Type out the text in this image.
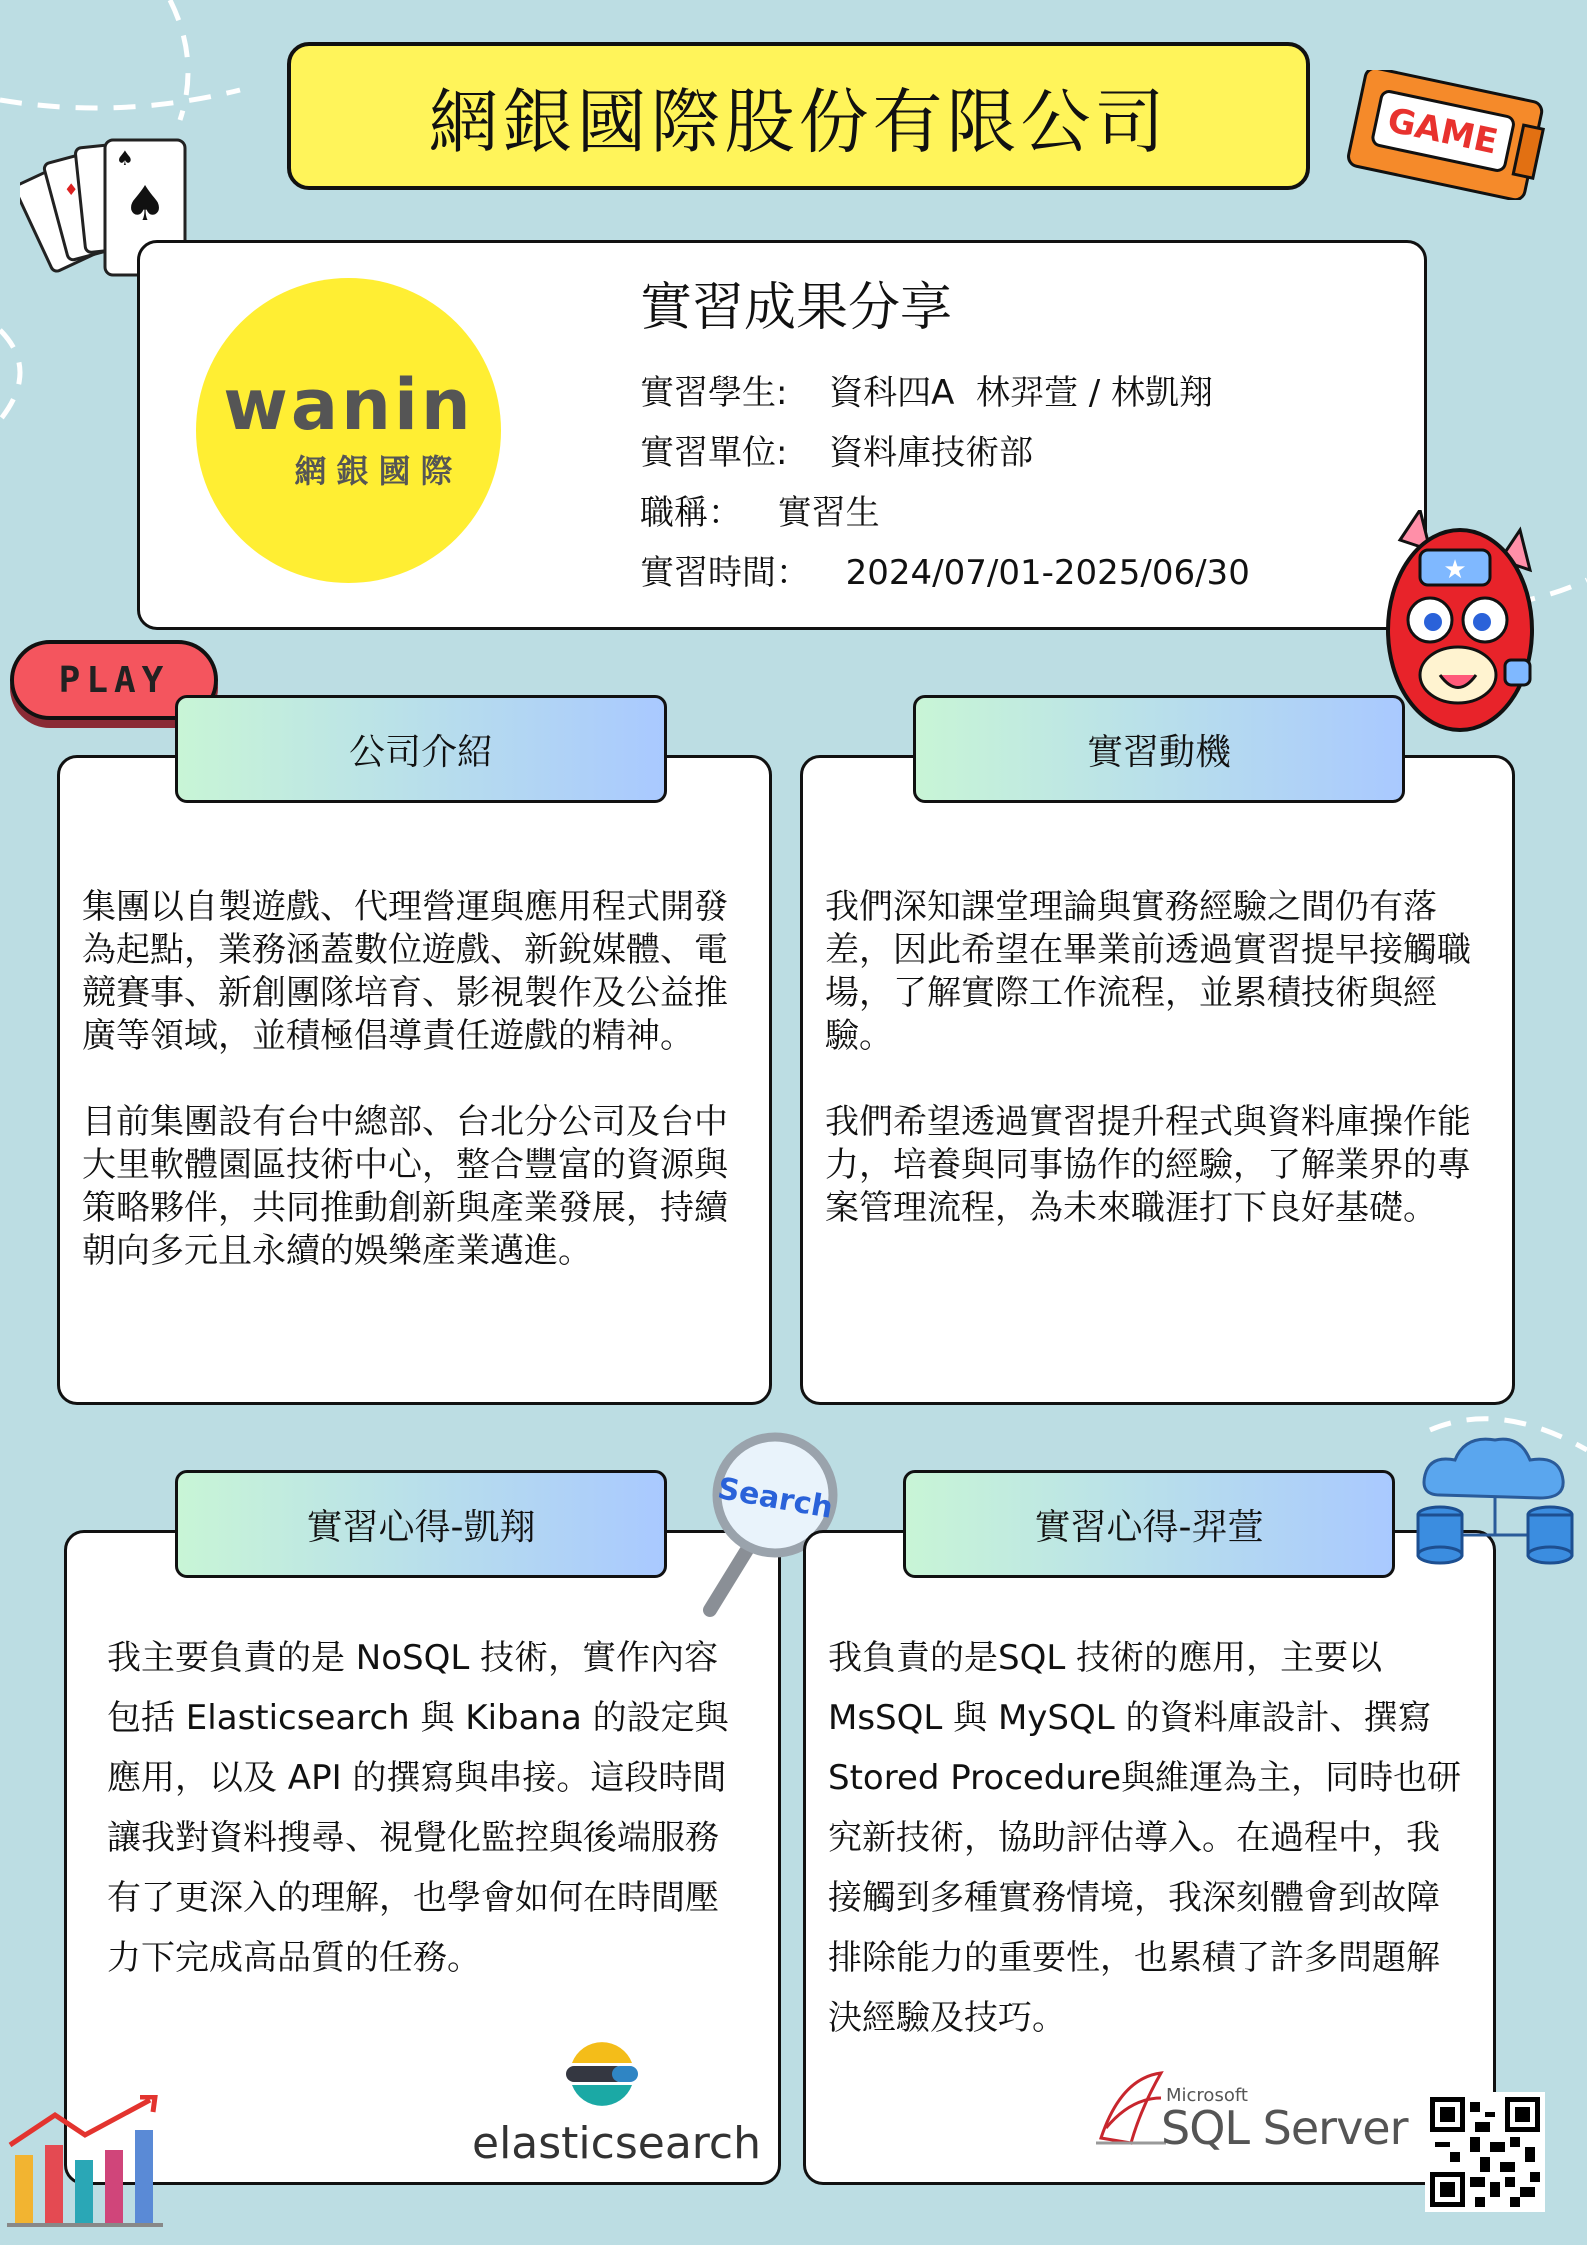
網銀國際股份有限公司
♠
♠
♦
GAME
wanin
網銀國際
實習成果分享
實習學生: 資科四A  林羿萱 / 林凱翔
實習單位: 資料庫技術部
職稱： 實習生
實習時間： 2024/07/01-2025/06/30	★
PLAY
集團以自製遊戲、代理營運與應用程式開發為起點，業務涵蓋數位遊戲、新銳媒體、電競賽事、新創團隊培育、影視製作及公益推廣等領域，並積極倡導責任遊戲的精神。
目前集團設有台中總部、台北分公司及台中大里軟體園區技術中心，整合豐富的資源與策略夥伴，共同推動創新與產業發展，持續朝向多元且永續的娛樂產業邁進。
公司介紹
我們深知課堂理論與實務經驗之間仍有落差，因此希望在畢業前透過實習提早接觸職場，了解實際工作流程，並累積技術與經驗。
我們希望透過實習提升程式與資料庫操作能力，培養與同事協作的經驗，了解業界的專案管理流程，為未來職涯打下良好基礎。
實習動機
我主要負責的是 NoSQL 技術，實作內容包括 Elasticsearch 與 Kibana 的設定與應用，以及 API 的撰寫與串接。這段時間讓我對資料搜尋、視覺化監控與後端服務有了更深入的理解，也學會如何在時間壓力下完成高品質的任務。
elasticsearch
實習心得-凱翔
Search
我負責的是SQL 技術的應用，主要以 MsSQL 與 MySQL 的資料庫設計、撰寫Stored Procedure與維運為主，同時也研究新技術，協助評估導入。在過程中，我接觸到多種實務情境，我深刻體會到故障排除能力的重要性，也累積了許多問題解決經驗及技巧。
Microsoft
SQL Server
實習心得-羿萱
